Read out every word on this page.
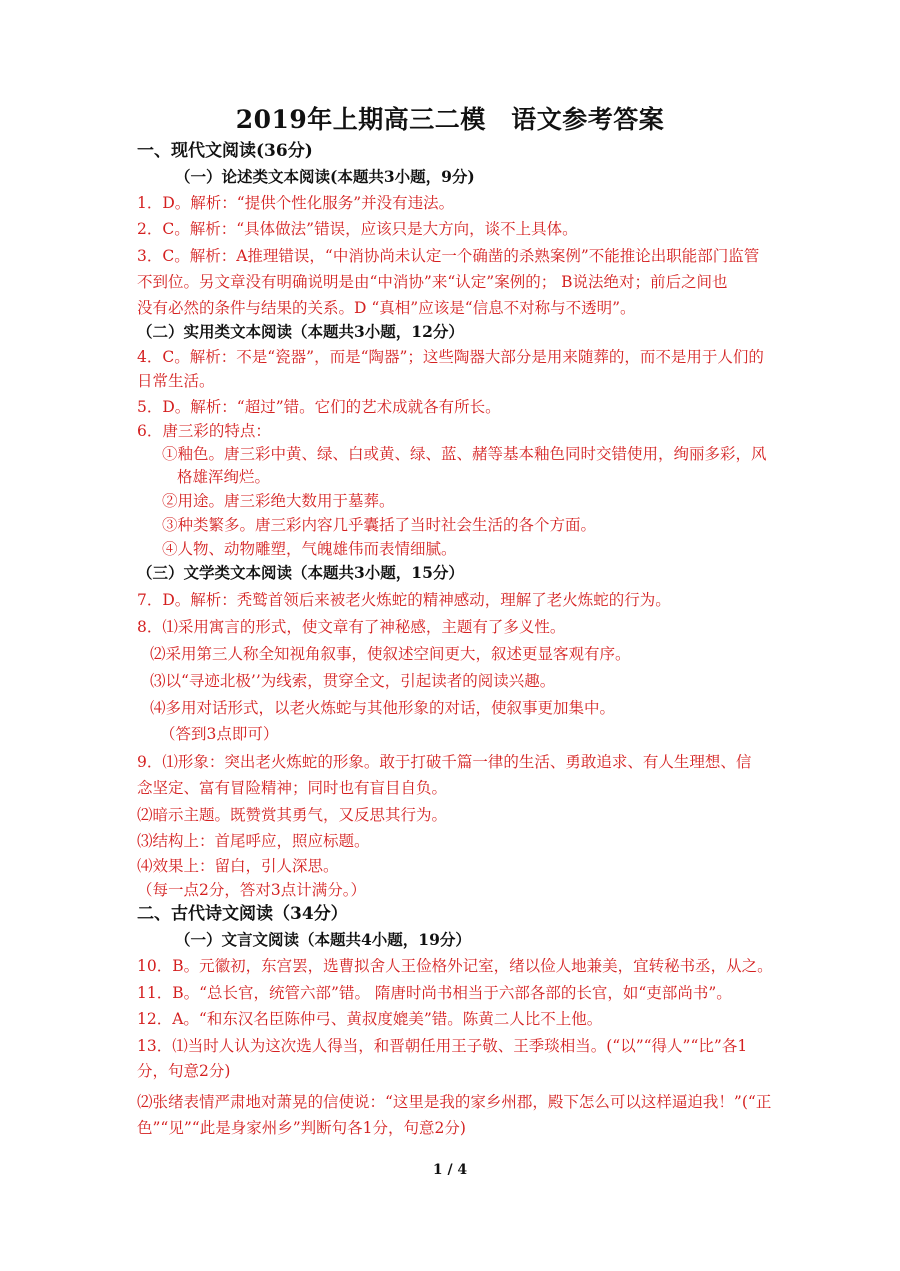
2019年上期高三二模　语文参考答案
一、现代文阅读(36分)
（一）论述类文本阅读(本题共3小题，9分)
1．D。解析：“提供个性化服务”并没有违法。
2．C。解析：“具体做法”错误，应该只是大方向，谈不上具体。
3．C。解析：A推理错误，“中消协尚未认定一个确凿的杀熟案例”不能推论出职能部门监管
不到位。另文章没有明确说明是由“中消协”来“认定”案例的； B说法绝对；前后之间也
没有必然的条件与结果的关系。D “真相”应该是“信息不对称与不透明”。
（二）实用类文本阅读（本题共3小题，12分）
4．C。解析：不是“瓷器”，而是“陶器”；这些陶器大部分是用来随葬的，而不是用于人们的
日常生活。
5．D。解析：“超过”错。它们的艺术成就各有所长。
6．唐三彩的特点：
①釉色。唐三彩中黄、绿、白或黄、绿、蓝、赭等基本釉色同时交错使用，绚丽多彩，风
格雄浑绚烂。
②用途。唐三彩绝大数用于墓葬。
③种类繁多。唐三彩内容几乎囊括了当时社会生活的各个方面。
④人物、动物雕塑，气魄雄伟而表情细腻。
（三）文学类文本阅读（本题共3小题，15分）
7．D。解析：秃鹫首领后来被老火炼蛇的精神感动，理解了老火炼蛇的行为。
8．⑴采用寓言的形式，使文章有了神秘感，主题有了多义性。
⑵采用第三人称全知视角叙事，使叙述空间更大，叙述更显客观有序。
⑶以“寻迹北极’’为线索，贯穿全文，引起读者的阅读兴趣。
⑷多用对话形式，以老火炼蛇与其他形象的对话，使叙事更加集中。
（答到3点即可）
9．⑴形象：突出老火炼蛇的形象。敢于打破千篇一律的生活、勇敢追求、有人生理想、信
念坚定、富有冒险精神；同时也有盲目自负。
⑵暗示主题。既赞赏其勇气，又反思其行为。
⑶结构上：首尾呼应，照应标题。
⑷效果上：留白，引人深思。
（每一点2分，答对3点计满分。）
二、古代诗文阅读（34分）
（一）文言文阅读（本题共4小题，19分）
10．B。元徽初，东宫罢，选曹拟舍人王俭格外记室，绪以俭人地兼美，宜转秘书丞，从之。
11．B。“总长官，统管六部”错。 隋唐时尚书相当于六部各部的长官，如“吏部尚书”。
12．A。“和东汉名臣陈仲弓、黄叔度媲美”错。陈黄二人比不上他。
13．⑴当时人认为这次选人得当，和晋朝任用王子敬、王季琰相当。(“以”“得人”“比”各1
分，句意2分)
⑵张绪表情严肃地对萧晃的信使说：“这里是我的家乡州郡，殿下怎么可以这样逼迫我！”(“正
色”“见”“此是身家州乡”判断句各1分，句意2分)
1 / 4
